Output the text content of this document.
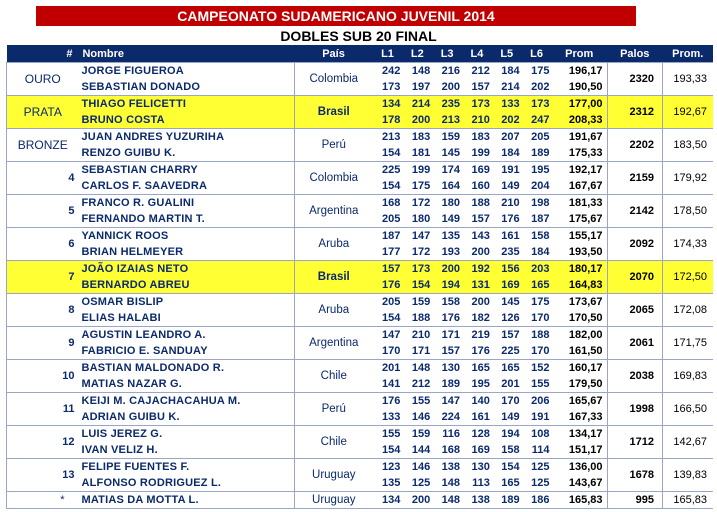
CAMPEONATO SUDAMERICANO JUVENIL 2014
DOBLES SUB 20 FINAL
#	Nombre	País	L1	L2	L3	L4	L5	L6	Prom	Palos	Prom.
OURO	JORGE FIGUEROA	Colombia	242	148	216	212	184	175	196,17	2320	193,33
	SEBASTIAN DONADO		173	197	200	157	214	202	190,50		
PRATA	THIAGO FELICETTI	Brasil	134	214	235	173	133	173	177,00	2312	192,67
	BRUNO COSTA		178	200	213	210	202	247	208,33		
BRONZE	JUAN ANDRES YUZURIHA	Perú	213	183	159	183	207	205	191,67	2202	183,50
	RENZO GUIBU K.		154	181	145	199	184	189	175,33		
4	SEBASTIAN CHARRY	Colombia	225	199	174	169	191	195	192,17	2159	179,92
	CARLOS F. SAAVEDRA		154	175	164	160	149	204	167,67		
5	FRANCO R. GUALINI	Argentina	168	172	180	188	210	198	181,33	2142	178,50
	FERNANDO MARTIN T.		205	180	149	157	176	187	175,67		
6	YANNICK ROOS	Aruba	187	147	135	143	161	158	155,17	2092	174,33
	BRIAN HELMEYER		177	172	193	200	235	184	193,50		
7	JOÃO IZAIAS NETO	Brasil	157	173	200	192	156	203	180,17	2070	172,50
	BERNARDO ABREU		176	154	194	131	169	165	164,83		
8	OSMAR BISLIP	Aruba	205	159	158	200	145	175	173,67	2065	172,08
	ELIAS HALABI		154	188	176	182	126	170	170,50		
9	AGUSTIN LEANDRO A.	Argentina	147	210	171	219	157	188	182,00	2061	171,75
	FABRICIO E. SANDUAY		170	171	157	176	225	170	161,50		
10	BASTIAN MALDONADO R.	Chile	201	148	130	165	165	152	160,17	2038	169,83
	MATIAS NAZAR G.		141	212	189	195	201	155	179,50		
11	KEIJI M. CAJACHACAHUA M.	Perú	176	155	147	140	170	206	165,67	1998	166,50
	ADRIAN GUIBU K.		133	146	224	161	149	191	167,33		
12	LUIS JEREZ G.	Chile	155	159	116	128	194	108	134,17	1712	142,67
	IVAN VELIZ H.		154	144	168	169	158	114	151,17		
13	FELIPE FUENTES F.	Uruguay	123	146	138	130	154	125	136,00	1678	139,83
	ALFONSO RODRIGUEZ L.		135	125	148	113	165	125	143,67		
*	MATIAS DA MOTTA L.	Uruguay	134	200	148	138	189	186	165,83	995	165,83
